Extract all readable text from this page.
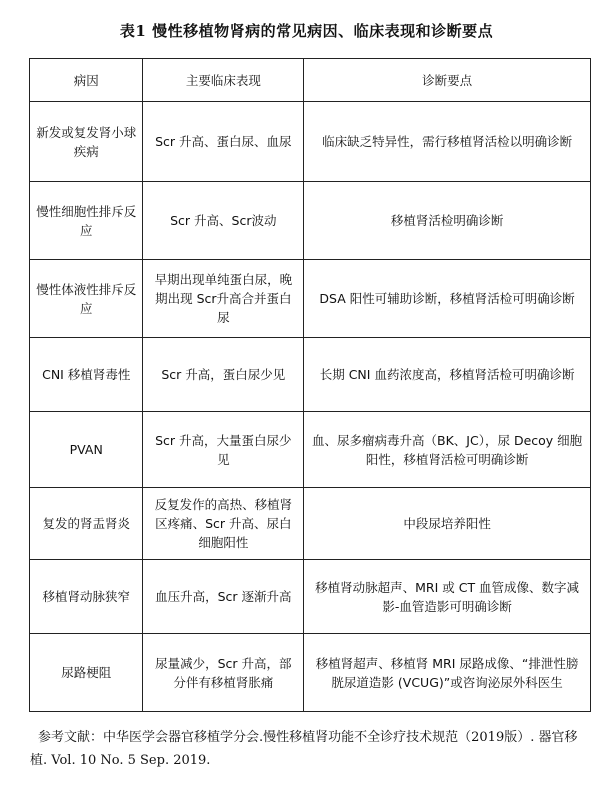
表1 慢性移植物肾病的常见病因、临床表现和诊断要点
病因	主要临床表现	诊断要点
新发或复发肾小球疾病	Scr 升高、蛋白尿、血尿	临床缺乏特异性，需行移植肾活检以明确诊断
慢性细胞性排斥反应	Scr 升高、Scr波动	移植肾活检明确诊断
慢性体液性排斥反应	早期出现单纯蛋白尿，晚期出现 Scr升高合并蛋白尿	DSA 阳性可辅助诊断，移植肾活检可明确诊断
CNI 移植肾毒性	Scr 升高，蛋白尿少见	长期 CNI 血药浓度高，移植肾活检可明确诊断
PVAN	Scr 升高，大量蛋白尿少见	血、尿多瘤病毒升高（BK、JC），尿 Decoy 细胞阳性，移植肾活检可明确诊断
复发的肾盂肾炎	反复发作的高热、移植肾区疼痛、Scr 升高、尿白细胞阳性	中段尿培养阳性
移植肾动脉狭窄	血压升高，Scr 逐渐升高	移植肾动脉超声、MRI 或 CT 血管成像、数字减影-血管造影可明确诊断
尿路梗阻	尿量减少，Scr 升高，部分伴有移植肾胀痛	移植肾超声、移植肾 MRI 尿路成像、“排泄性膀胱尿道造影 (VCUG)”或咨询泌尿外科医生
参考文献：中华医学会器官移植学分会.慢性移植肾功能不全诊疗技术规范（2019版）. 器官移植. Vol. 10 No. 5 Sep. 2019.
